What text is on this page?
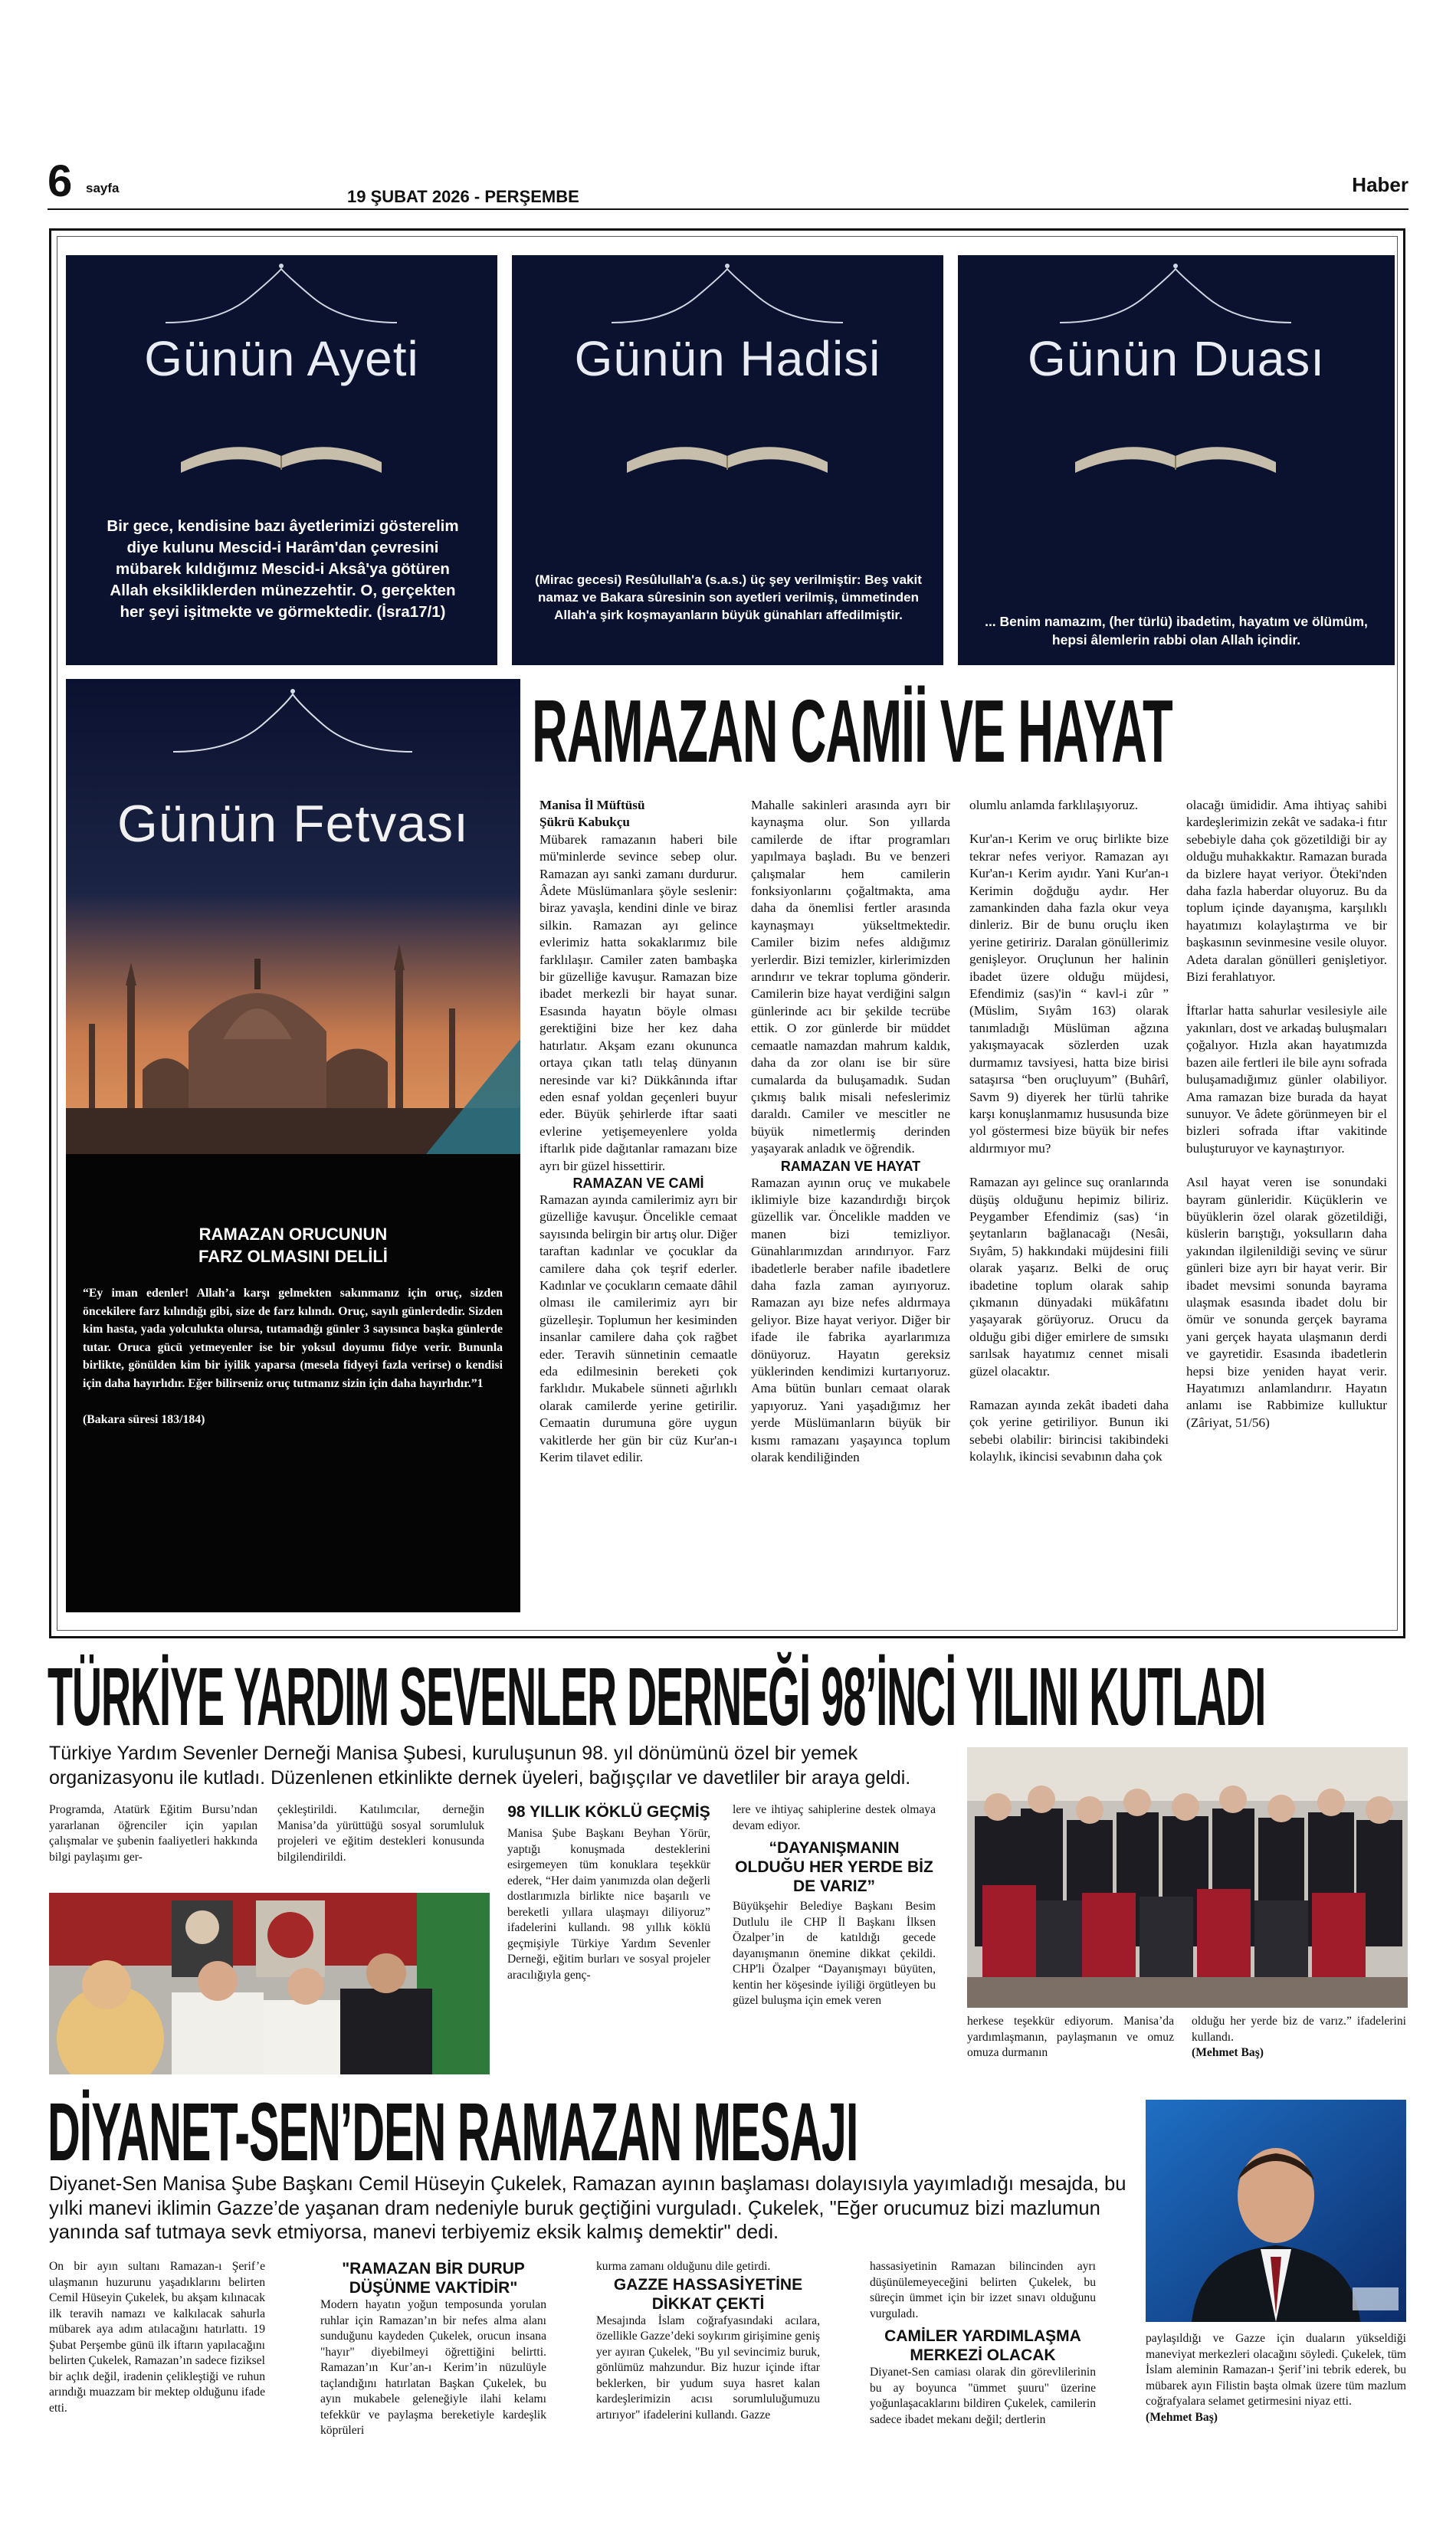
6 sayfa	19 ŞUBAT 2026 - PERŞEMBE
Haber
Günün Ayeti
Bir gece, kendisine bazı âyetlerimizi gösterelim diye kulunu Mescid-i Harâm'dan çevresini mübarek kıldığımız Mescid-i Aksâ'ya götüren Allah eksikliklerden münezzehtir. O, gerçekten her şeyi işitmekte ve görmektedir. (İsra17/1)
Günün Hadisi
(Mirac gecesi) Resûlullah'a (s.a.s.) üç şey verilmiştir: Beş vakit namaz ve Bakara sûresinin son ayetleri verilmiş, ümmetinden Allah'a şirk koşmayanların büyük günahları affedilmiştir.
Günün Duası
... Benim namazım, (her türlü) ibadetim, hayatım ve ölümüm, hepsi âlemlerin rabbi olan Allah içindir.
Günün Fetvası
RAMAZAN ORUCUNUN
FARZ OLMASINI DELİLİ
“Ey iman edenler! Allah’a karşı gelmekten sakınmanız için oruç, sizden öncekilere farz kılındığı gibi, size de farz kılındı. Oruç, sayılı günlerdedir. Sizden kim hasta, yada yolculukta olursa, tutamadığı günler 3 sayısınca başka günlerde tutar. Oruca gücü yetmeyenler ise bir yoksul doyumu fidye verir. Bununla birlikte, gönülden kim bir iyilik yaparsa (mesela fidyeyi fazla verirse) o kendisi için daha hayırlıdır. Eğer bilirseniz oruç tutmanız sizin için daha hayırlıdır.”1
(Bakara süresi 183/184)
RAMAZAN CAMİİ VE HAYAT

Manisa İl Müftüsü

Şükrü Kabukçu

Mübarek ramazanın haberi bile mü'minlerde sevince sebep olur. Ramazan ayı sanki zamanı durdurur. Âdete Müslümanlara şöyle seslenir: biraz yavaşla, kendini dinle ve biraz silkin. Ramazan ayı gelince evlerimiz hatta sokaklarımız bile farklılaşır. Camiler zaten bambaşka bir güzelliğe kavuşur. Ramazan bize ibadet merkezli bir hayat sunar. Esasında hayatın böyle olması gerektiğini bize her kez daha hatırlatır. Akşam ezanı okununca ortaya çıkan tatlı telaş dünyanın neresinde var ki? Dükkânında iftar eden esnaf yoldan geçenleri buyur eder. Büyük şehirlerde iftar saati evlerine yetişemeyenlere yolda iftarlık pide dağıtanlar ramazanı bize ayrı bir güzel hissettirir.

RAMAZAN VE CAMİ

Ramazan ayında camilerimiz ayrı bir güzelliğe kavuşur. Öncelikle cemaat sayısında belirgin bir artış olur. Diğer taraftan kadınlar ve çocuklar da camilere daha çok teşrif ederler. Kadınlar ve çocukların cemaate dâhil olması ile camilerimiz ayrı bir güzelleşir. Toplumun her kesiminden insanlar camilere daha çok rağbet eder. Teravih sünnetinin cemaatle eda edilmesinin bereketi çok farklıdır. Mukabele sünneti ağırlıklı olarak camilerde yerine getirilir. Cemaatin durumuna göre uygun vakitlerde her gün bir cüz Kur'an-ı Kerim tilavet edilir.

Mahalle sakinleri arasında ayrı bir kaynaşma olur. Son yıllarda camilerde de iftar programları yapılmaya başladı. Bu ve benzeri çalışmalar hem camilerin fonksiyonlarını çoğaltmakta, ama daha da önemlisi fertler arasında kaynaşmayı yükseltmektedir. Camiler bizim nefes aldığımız yerlerdir. Bizi temizler, kirlerimizden arındırır ve tekrar topluma gönderir. Camilerin bize hayat verdiğini salgın günlerinde acı bir şekilde tecrübe ettik. O zor günlerde bir müddet cemaatle namazdan mahrum kaldık, daha da zor olanı ise bir süre cumalarda da buluşamadık. Sudan çıkmış balık misali nefeslerimiz daraldı. Camiler ve mescitler ne büyük nimetlermiş derinden yaşayarak anladık ve öğrendik.

RAMAZAN VE HAYAT

Ramazan ayının oruç ve mukabele iklimiyle bize kazandırdığı birçok güzellik var. Öncelikle madden ve manen bizi temizliyor. Günahlarımızdan arındırıyor. Farz ibadetlerle beraber nafile ibadetlere daha fazla zaman ayırıyoruz. Ramazan ayı bize nefes aldırmaya geliyor. Bize hayat veriyor. Diğer bir ifade ile fabrika ayarlarımıza dönüyoruz. Hayatın gereksiz yüklerinden kendimizi kurtarıyoruz. Ama bütün bunları cemaat olarak yapıyoruz. Yani yaşadığımız her yerde Müslümanların büyük bir kısmı ramazanı yaşayınca toplum olarak kendiliğinden

olumlu anlamda farklılaşıyoruz.

Kur'an-ı Kerim ve oruç birlikte bize tekrar nefes veriyor. Ramazan ayı Kur'an-ı Kerim ayıdır. Yani Kur'an-ı Kerimin doğduğu aydır. Her zamankinden daha fazla okur veya dinleriz. Bir de bunu oruçlu iken yerine getiririz. Daralan gönüllerimiz genişleyor. Oruçlunun her halinin ibadet üzere olduğu müjdesi, Efendimiz (sas)'in “ kavl-i zûr ” (Müslim, Sıyâm 163) olarak tanımladığı Müslüman ağzına yakışmayacak sözlerden uzak durmamız tavsiyesi, hatta bize birisi sataşırsa “ben oruçluyum” (Buhârî, Savm 9) diyerek her türlü tahrike karşı konuşlanmamız hususunda bize yol göstermesi bize büyük bir nefes aldırmıyor mu?

Ramazan ayı gelince suç oranlarında düşüş olduğunu hepimiz biliriz. Peygamber Efendimiz (sas) ‘in şeytanların bağlanacağı (Nesâi, Sıyâm, 5) hakkındaki müjdesini fiili olarak yaşarız. Belki de oruç ibadetine toplum olarak sahip çıkmanın dünyadaki mükâfatını yaşayarak görüyoruz. Orucu da olduğu gibi diğer emirlere de sımsıkı sarılsak hayatımız cennet misali güzel olacaktır.

Ramazan ayında zekât ibadeti daha çok yerine getiriliyor. Bunun iki sebebi olabilir: birincisi takibindeki kolaylık, ikincisi sevabının daha çok

olacağı ümididir. Ama ihtiyaç sahibi kardeşlerimizin zekât ve sadaka-i fıtır sebebiyle daha çok gözetildiği bir ay olduğu muhakkaktır. Ramazan burada da bizlere hayat veriyor. Öteki'nden daha fazla haberdar oluyoruz. Bu da toplum içinde dayanışma, karşılıklı hayatımızı kolaylaştırma ve bir başkasının sevinmesine vesile oluyor. Adeta daralan gönülleri genişletiyor. Bizi ferahlatıyor.

İftarlar hatta sahurlar vesilesiyle aile yakınları, dost ve arkadaş buluşmaları çoğalıyor. Hızla akan hayatımızda bazen aile fertleri ile bile aynı sofrada buluşamadığımız günler olabiliyor. Ama ramazan bize burada da hayat sunuyor. Ve âdete görünmeyen bir el bizleri sofrada iftar vakitinde buluşturuyor ve kaynaştırıyor.

Asıl hayat veren ise sonundaki bayram günleridir. Küçüklerin ve büyüklerin özel olarak gözetildiği, küslerin barıştığı, yoksulların daha yakından ilgilenildiği sevinç ve sürur günleri bize ayrı bir hayat verir. Bir ibadet mevsimi sonunda bayrama ulaşmak esasında ibadet dolu bir ömür ve sonunda gerçek bayrama yani gerçek hayata ulaşmanın derdi ve gayretidir. Esasında ibadetlerin hepsi bize yeniden hayat verir. Hayatımızı anlamlandırır. Hayatın anlamı ise Rabbimize kulluktur (Zâriyat, 51/56)

TÜRKİYE YARDIM SEVENLER DERNEĞİ 98’İNCİ YILINI KUTLADI
Türkiye Yardım Sevenler Derneği Manisa Şubesi, kuruluşunun 98. yıl dönümünü özel bir yemek organizasyonu ile kutladı. Düzenlenen etkinlikte dernek üyeleri, bağışçılar ve davetliler bir araya geldi.
Programda, Atatürk Eğitim Bursu’ndan yararlanan öğrenciler için yapılan çalışmalar ve şubenin faaliyetleri hakkında bilgi paylaşımı ger-
çekleştirildi. Katılımcılar, derneğin Manisa’da yürüttüğü sosyal sorumluluk projeleri ve eğitim destekleri konusunda bilgilendirildi.
98 YILLIK KÖKLÜ GEÇMİŞ
Manisa Şube Başkanı Beyhan Yörür, yaptığı konuşmada desteklerini esirgemeyen tüm konuklara teşekkür ederek, “Her daim yanımızda olan değerli dostlarımızla birlikte nice başarılı ve bereketli yıllara ulaşmayı diliyoruz” ifadelerini kullandı. 98 yıllık köklü geçmişiyle Türkiye Yardım Sevenler Derneği, eğitim burları ve sosyal projeler aracılığıyla genç-
lere ve ihtiyaç sahiplerine destek olmaya devam ediyor.
“DAYANIŞMANIN OLDUĞU HER YERDE BİZ DE VARIZ”
Büyükşehir Belediye Başkanı Besim Dutlulu ile CHP İl Başkanı İlksen Özalper’in de katıldığı gecede dayanışmanın önemine dikkat çekildi. CHP'li Özalper “Dayanışmayı büyüten, kentin her köşesinde iyiliği örgütleyen bu güzel buluşma için emek veren
herkese teşekkür ediyorum. Manisa’da yardımlaşmanın, paylaşmanın ve omuz omuza durmanın
olduğu her yerde biz de varız.” ifadelerini kullandı.
(Mehmet Baş)
DİYANET-SEN’DEN RAMAZAN MESAJI
Diyanet-Sen Manisa Şube Başkanı Cemil Hüseyin Çukelek, Ramazan ayının başlaması dolayısıyla yayımladığı mesajda, bu yılki manevi iklimin Gazze’de yaşanan dram nedeniyle buruk geçtiğini vurguladı. Çukelek, "Eğer orucumuz bizi mazlumun yanında saf tutmaya sevk etmiyorsa, manevi terbiyemiz eksik kalmış demektir" dedi.
On bir ayın sultanı Ramazan-ı Şerif’e ulaşmanın huzurunu yaşadıklarını belirten Cemil Hüseyin Çukelek, bu akşam kılınacak ilk teravih namazı ve kalkılacak sahurla mübarek aya adım atılacağını hatırlattı. 19 Şubat Perşembe günü ilk iftarın yapılacağını belirten Çukelek, Ramazan’ın sadece fiziksel bir açlık değil, iradenin çelikleştiği ve ruhun arındığı muazzam bir mektep olduğunu ifade etti.
"RAMAZAN BİR DURUP DÜŞÜNME VAKTİDİR"
Modern hayatın yoğun temposunda yorulan ruhlar için Ramazan’ın bir nefes alma alanı sunduğunu kaydeden Çukelek, orucun insana "hayır" diyebilmeyi öğrettiğini belirtti. Ramazan’ın Kur’an-ı Kerim’in nüzulüyle taçlandığını hatırlatan Başkan Çukelek, bu ayın mukabele geleneğiyle ilahi kelamı tefekkür ve paylaşma bereketiyle kardeşlik köprüleri
kurma zamanı olduğunu dile getirdi.
GAZZE HASSASİYETİNE DİKKAT ÇEKTİ
Mesajında İslam coğrafyasındaki acılara, özellikle Gazze’deki soykırım girişimine geniş yer ayıran Çukelek, "Bu yıl sevincimiz buruk, gönlümüz mahzundur. Biz huzur içinde iftar beklerken, bir yudum suya hasret kalan kardeşlerimizin acısı sorumluluğumuzu artırıyor" ifadelerini kullandı. Gazze
hassasiyetinin Ramazan bilincinden ayrı düşünülemeyeceğini belirten Çukelek, bu süreçin ümmet için bir izzet sınavı olduğunu vurguladı.
CAMİLER YARDIMLAŞMA MERKEZİ OLACAK
Diyanet-Sen camiası olarak din görevlilerinin bu ay boyunca "ümmet şuuru" üzerine yoğunlaşacaklarını bildiren Çukelek, camilerin sadece ibadet mekanı değil; dertlerin
paylaşıldığı ve Gazze için duaların yükseldiği maneviyat merkezleri olacağını söyledi. Çukelek, tüm İslam aleminin Ramazan-ı Şerif’ini tebrik ederek, bu mübarek ayın Filistin başta olmak üzere tüm mazlum coğrafyalara selamet getirmesini niyaz etti.
(Mehmet Baş)
